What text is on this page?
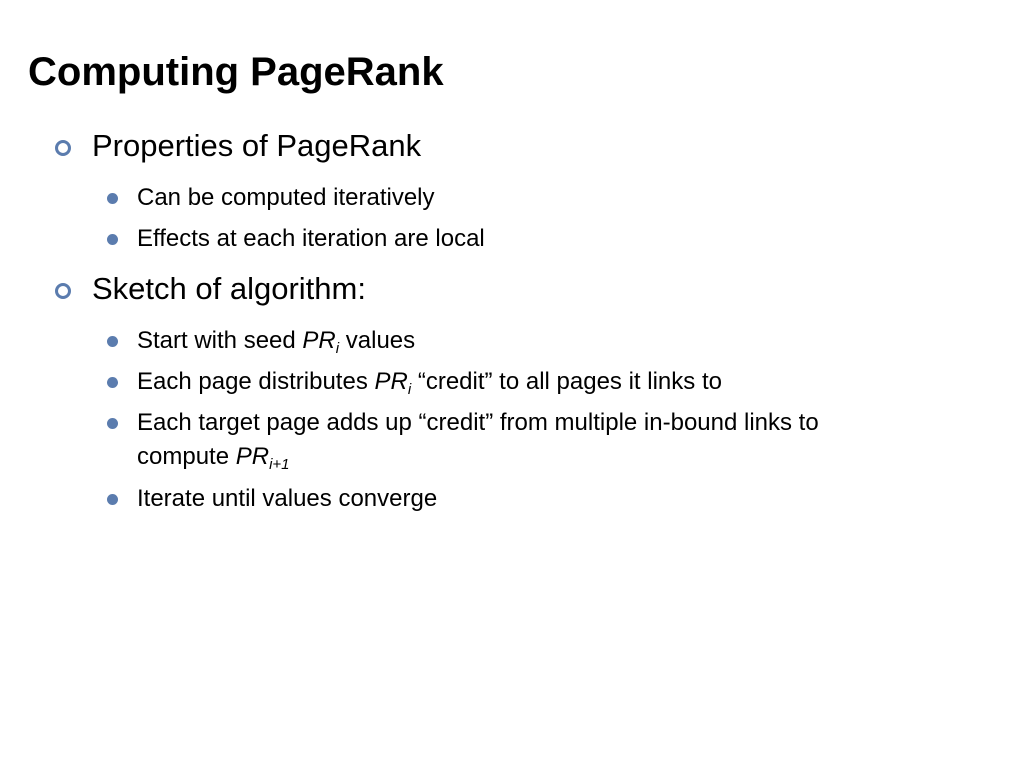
Computing PageRank
Properties of PageRank
Can be computed iteratively
Effects at each iteration are local
Sketch of algorithm:
Start with seed $PR_i$ values
Each page distributes $PR_i$ “credit” to all pages it links to
Each target page adds up “credit” from multiple in-bound links to
compute $PR_{i+1}$
Iterate until values converge
